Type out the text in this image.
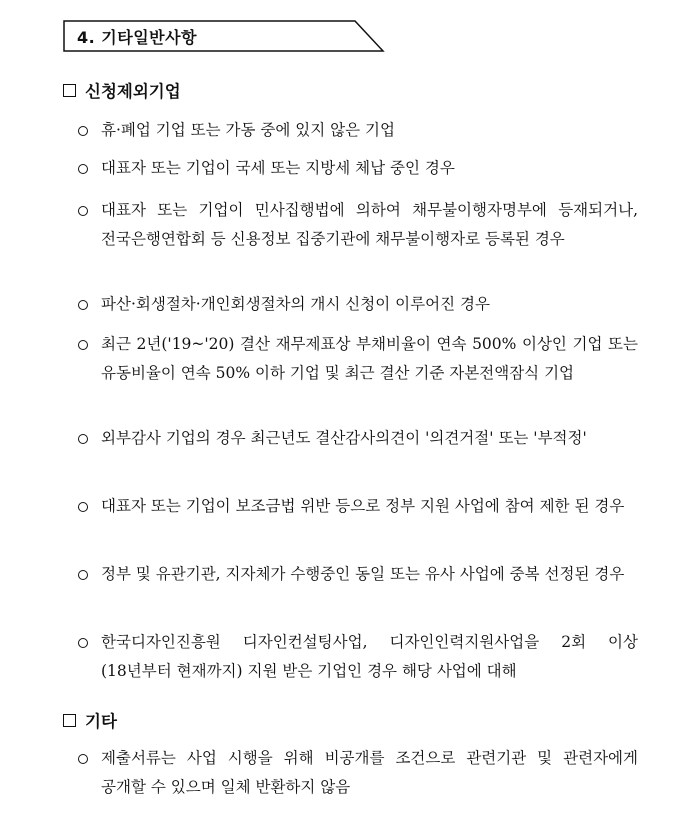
4. 기타일반사항
신청제외기업
휴·폐업 기업 또는 가동 중에 있지 않은 기업
대표자 또는 기업이 국세 또는 지방세 체납 중인 경우
대표자 또는 기업이 민사집행법에 의하여 채무불이행자명부에 등재되거나, 전국은행연합회 등 신용정보 집중기관에 채무불이행자로 등록된 경우
파산·회생절차·개인회생절차의 개시 신청이 이루어진 경우
최근 2년('19~'20) 결산 재무제표상 부채비율이 연속 500% 이상인 기업 또는 유동비율이 연속 50% 이하 기업 및 최근 결산 기준 자본전액잠식 기업
외부감사 기업의 경우 최근년도 결산감사의견이 '의견거절' 또는 '부적정'
대표자 또는 기업이 보조금법 위반 등으로 정부 지원 사업에 참여 제한 된 경우
정부 및 유관기관, 지자체가 수행중인 동일 또는 유사 사업에 중복 선정된 경우
한국디자인진흥원 디자인컨설팅사업, 디자인인력지원사업을 2회 이상(18년부터 현재까지) 지원 받은 기업인 경우 해당 사업에 대해
기타
제출서류는 사업 시행을 위해 비공개를 조건으로 관련기관 및 관련자에게 공개할 수 있으며 일체 반환하지 않음
